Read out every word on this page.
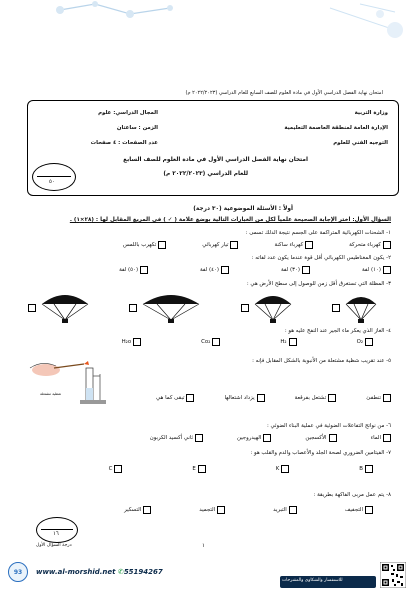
امتحان نهاية الفصل الدراسي الأول في مادة العلوم للصف السابع للعام الدراسي (٢٠٢٢/٢٠٢٣ م)
وزارة التربية
الإدارة العامة لمنطقة العاصمة التعليمية
التوجيه الفني للعلوم
المجال الدراسي: علوم
الزمن : ساعتان
عدد الصفحات : ٤ صفحات
امتحان نهاية الفصل الدراسي الأول في مادة العلوم للصف السابع
للعام الدراسي (٢٠٢٢/٢٠٢٣ م)
٥٠
أولاً : الأسئلة الموضوعية (٣٠ درجة)
السؤال الأول: اختر الإجابة الصحيحة علمياً لكل من العبارات التالية بوضع علامة ( ✓ ) في المربع المقابل لها : (٢٨×١) .
١- الشحنات الكهربائية المتراكمة على الجسم نتيجة الدلك تسمى :
كهرباء متحركة
كهرباء ساكنة
تيار كهربائي
تكهرب باللمس
٢- يكون المغناطيس الكهربائي أقل قوة عندما يكون عدد لفاته :
(١٠) لفة
(٣٠) لفة
(٤٠) لفة
(٥٠) لفة
٣- المظلة التي تستغرق أقل زمن للوصول إلى سطح الأرض هي :
٤- الغاز الذي يعكر ماء الجير عند النفخ عليه هو :
O₂
H₂
Co₂
H₂o
٥- عند تقريب شظية مشتعلة من الأنبوبة بالشكل المقابل فإنه :
شظية مشتعلة
تنطفئ
تشتعل بفرقعة
يزداد اشتعالها
تبقى كما هي
٦- من نواتج التفاعلات الضوئية في عملية البناء الضوئي :
الماء
الأكسجين
الهيدروجين
ثاني أكسيد الكربون
٧- الفيتامين الضروري لصحة الجلد والأعصاب والدم والقلب هو :
B
K
E
C
٨- يتم عمل مربى الفاكهة بطريقة :
التجفيف
التبريد
التجميد
التسكير
١٦
درجة السؤال الأول	١
93 www.al-morshid.net ✆55194267
للاستفسار والشكاوى والمقترحات
